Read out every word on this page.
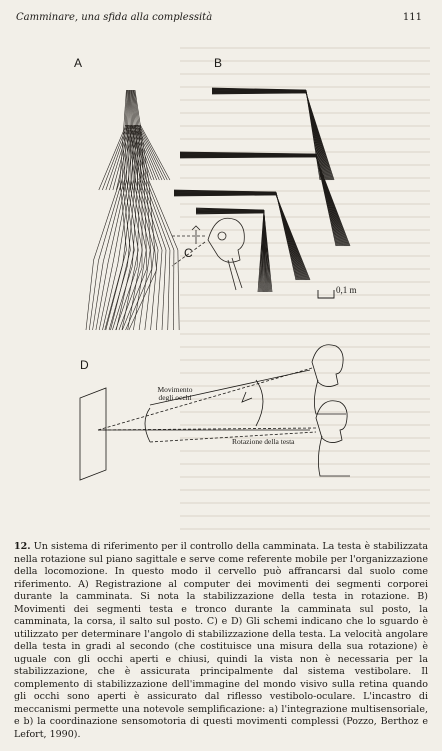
Camminare, una sfida alla complessità	111
A	B
C
D
0,1 m
Movimento degli occhi
Rotazione della testa
12. Un sistema di riferimento per il controllo della camminata. La testa è stabilizzata nella rotazione sul piano sagittale e serve come referente mobile per l'organizzazione della locomozione. In questo modo il cervello può affrancarsi dal suolo come riferimento. A) Registrazione al computer dei movimenti dei segmenti corporei durante la camminata. Si nota la stabilizzazione della testa in rotazione. B) Movimenti dei segmenti testa e tronco durante la camminata sul posto, la camminata, la corsa, il salto sul posto. C) e D) Gli schemi indicano che lo sguardo è utilizzato per determinare l'angolo di stabilizzazione della testa. La velocità angolare della testa in gradi al secondo (che costituisce una misura della sua rotazione) è uguale con gli occhi aperti e chiusi, quindi la vista non è necessaria per la stabilizzazione, che è assicurata principalmente dal sistema vestibolare. Il complemento di stabilizzazione dell'immagine del mondo visivo sulla retina quando gli occhi sono aperti è assicurato dal riflesso vestibolo-oculare. L'incastro di meccanismi permette una notevole semplificazione: a) l'integrazione multisensoriale, e b) la coordinazione sensomotoria di questi movimenti complessi (Pozzo, Berthoz e Lefort, 1990).
